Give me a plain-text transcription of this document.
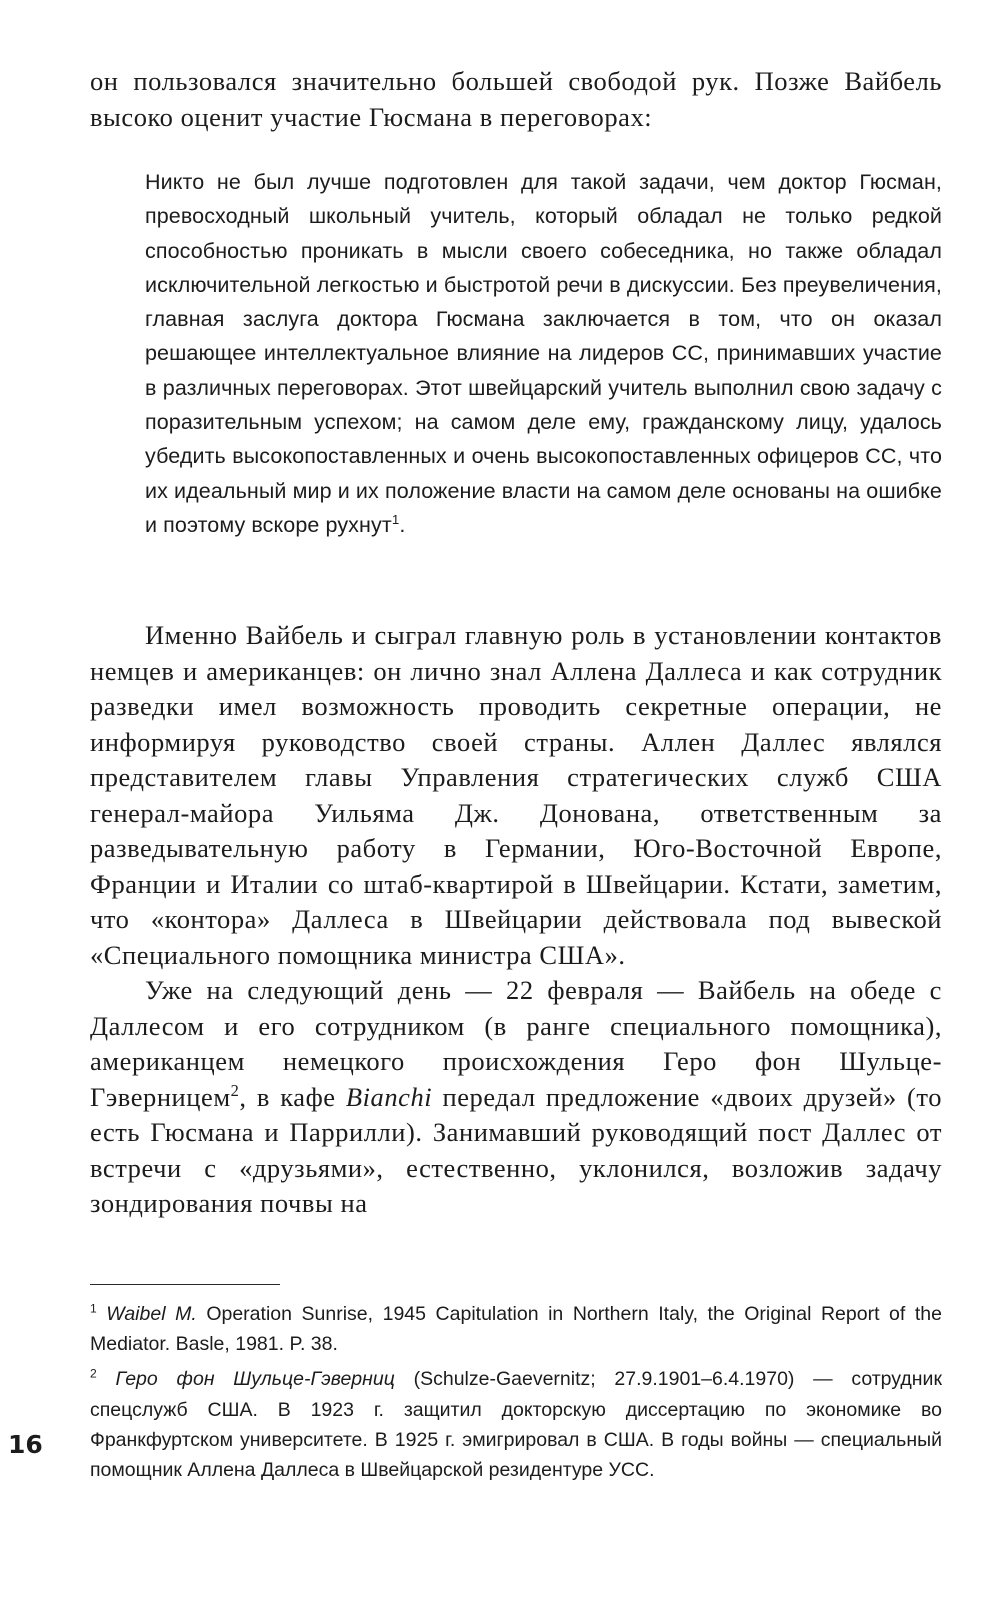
он пользовался значительно большей свободой рук. Позже Вайбель высоко оценит участие Гюсмана в переговорах:

Никто не был лучше подготовлен для такой задачи, чем доктор Гюсман, превосходный школьный учитель, который обладал не только редкой способностью проникать в мысли своего собеседника, но также обладал исключительной легкостью и быстротой речи в дискуссии. Без преувеличения, главная заслуга доктора Гюсмана заключается в том, что он оказал решающее интеллектуальное влияние на лидеров СС, принимавших участие в различных переговорах. Этот швейцарский учитель выполнил свою задачу с поразительным успехом; на самом деле ему, гражданскому лицу, удалось убедить высокопоставленных и очень высокопоставленных офицеров СС, что их идеальный мир и их положение власти на самом деле основаны на ошибке и поэтому вскоре рухнут$^1$.

Именно Вайбель и сыграл главную роль в установлении контактов немцев и американцев: он лично знал Аллена Даллеса и как сотрудник разведки имел возможность проводить секретные операции, не информируя руководство своей страны. Аллен Даллес являлся представителем главы Управления стратегических служб США генерал-майора Уильяма Дж. Донована, ответственным за разведывательную работу в Германии, Юго-Восточной Европе, Франции и Италии со штаб-квартирой в Швейцарии. Кстати, заметим, что «контора» Даллеса в Швейцарии действовала под вывеской «Специального помощника министра США».

Уже на следующий день — 22 февраля — Вайбель на обеде с Даллесом и его сотрудником (в ранге специального помощника), американцем немецкого происхождения Геро фон Шульце-Гэверницем$^2$, в кафе Bianchi передал предложение «двоих друзей» (то есть Гюсмана и Паррилли). Занимавший руководящий пост Даллес от встречи с «друзьями», естественно, уклонился, возложив задачу зондирования почвы на

$^1$ Waibel M. Operation Sunrise, 1945 Capitulation in Northern Italy, the Original Report of the Mediator. Basle, 1981. P. 38.

$^2$ Геро фон Шульце-Гэверниц (Schulze-Gaevernitz; 27.9.1901–6.4.1970) — сотрудник спецслужб США. В 1923 г. защитил докторскую диссертацию по экономике во Франкфуртском университете. В 1925 г. эмигрировал в США. В годы войны — специальный помощник Аллена Даллеса в Швейцарской резидентуре УСС.

16
